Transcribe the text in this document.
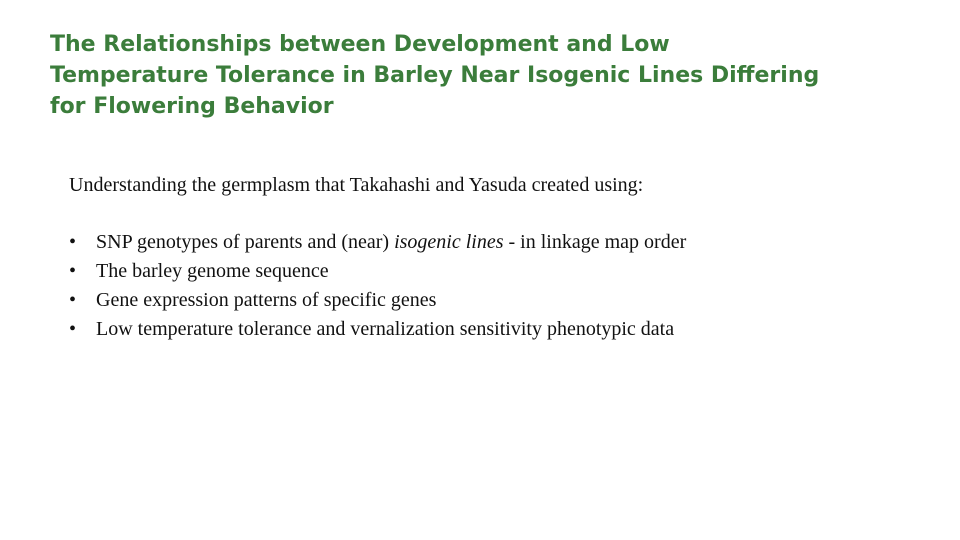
The Relationships between Development and Low
Temperature Tolerance in Barley Near Isogenic Lines Differing
for Flowering Behavior

Understanding the germplasm that Takahashi and Yasuda created using:

• SNP genotypes of parents and (near) isogenic lines - in linkage map order
• The barley genome sequence
• Gene expression patterns of specific genes
• Low temperature tolerance and vernalization sensitivity phenotypic data
